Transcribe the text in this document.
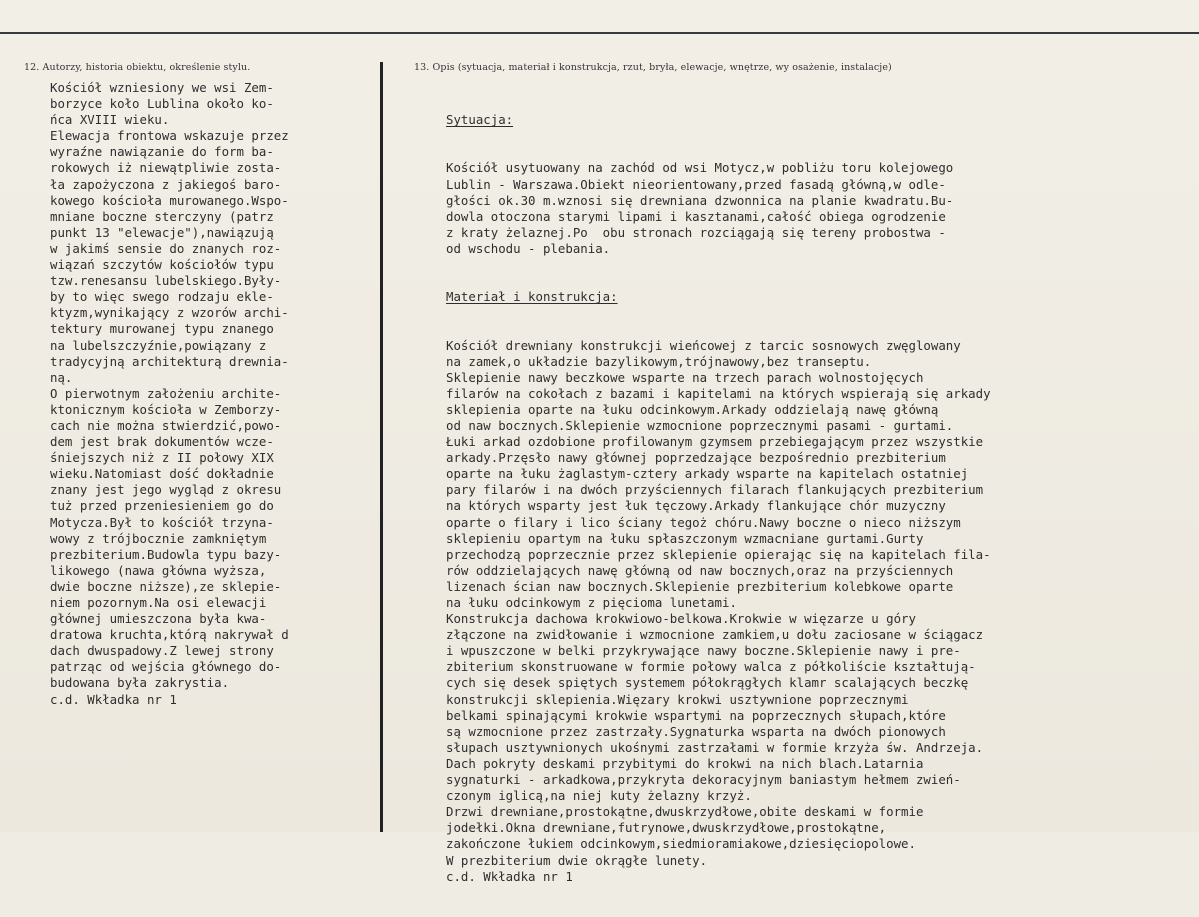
12. Autorzy, historia obiektu, określenie stylu.	13. Opis (sytuacja, materiał i konstrukcja, rzut, bryła, elewacje, wnętrze, wy osażenie, instalacje)
Kościół wzniesiony we wsi Zem-
borzyce koło Lublina około ko-
ńca XVIII wieku.
Elewacja frontowa wskazuje przez
wyraźne nawiązanie do form ba-
rokowych iż niewątpliwie zosta-
ła zapożyczona z jakiegoś baro-
kowego kościoła murowanego.Wspo-
mniane boczne sterczyny (patrz
punkt 13 "elewacje"),nawiązują
w jakimś sensie do znanych roz-
wiązań szczytów kościołów typu
tzw.renesansu lubelskiego.Były-
by to więc swego rodzaju ekle-
ktyzm,wynikający z wzorów archi-
tektury murowanej typu znanego
na lubelszczyźnie,powiązany z
tradycyjną architekturą drewnia-
ną.
O pierwotnym założeniu archite-
ktonicznym kościoła w Zemborzy-
cach nie można stwierdzić,powo-
dem jest brak dokumentów wcze-
śniejszych niż z II połowy XIX
wieku.Natomiast dość dokładnie
znany jest jego wygląd z okresu
tuż przed przeniesieniem go do
Motycza.Był to kościół trzyna-
wowy z trójbocznie zamkniętym
prezbiterium.Budowla typu bazy-
likowego (nawa główna wyższa,
dwie boczne niższe),ze sklepie-
niem pozornym.Na osi elewacji
głównej umieszczona była kwa-
dratowa kruchta,którą nakrywał d
dach dwuspadowy.Z lewej strony
patrząc od wejścia głównego do-
budowana była zakrystia.
c.d. Wkładka nr 1

Sytuacja:

Kościół usytuowany na zachód od wsi Motycz,w pobliżu toru kolejowego
Lublin - Warszawa.Obiekt nieorientowany,przed fasadą główną,w odle-
głości ok.30 m.wznosi się drewniana dzwonnica na planie kwadratu.Bu-
dowla otoczona starymi lipami i kasztanami,całość obiega ogrodzenie
z kraty żelaznej.Po  obu stronach rozciągają się tereny probostwa -
od wschodu - plebania.

Materiał i konstrukcja:

Kościół drewniany konstrukcji wieńcowej z tarcic sosnowych zwęglowany
na zamek,o układzie bazylikowym,trójnawowy,bez transeptu.
Sklepienie nawy beczkowe wsparte na trzech parach wolnostojęcych
filarów na cokołach z bazami i kapitelami na których wspierają się arkady
sklepienia oparte na łuku odcinkowym.Arkady oddzielają nawę główną
od naw bocznych.Sklepienie wzmocnione poprzecznymi pasami - gurtami.
Łuki arkad ozdobione profilowanym gzymsem przebiegającym przez wszystkie
arkady.Przęsło nawy głównej poprzedzające bezpośrednio prezbiterium
oparte na łuku żaglastym-cztery arkady wsparte na kapitelach ostatniej
pary filarów i na dwóch przyściennych filarach flankujących prezbiterium
na których wsparty jest łuk tęczowy.Arkady flankujące chór muzyczny
oparte o filary i lico ściany tegoż chóru.Nawy boczne o nieco niższym
sklepieniu opartym na łuku spłaszczonym wzmacniane gurtami.Gurty
przechodzą poprzecznie przez sklepienie opierając się na kapitelach fila-
rów oddzielających nawę główną od naw bocznych,oraz na przyściennych
lizenach ścian naw bocznych.Sklepienie prezbiterium kolebkowe oparte
na łuku odcinkowym z pięcioma lunetami.
Konstrukcja dachowa krokwiowo-belkowa.Krokwie w więzarze u góry
złączone na zwidłowanie i wzmocnione zamkiem,u dołu zaciosane w ściągacz
i wpuszczone w belki przykrywające nawy boczne.Sklepienie nawy i pre-
zbiterium skonstruowane w formie połowy walca z półkoliście kształtują-
cych się desek spiętych systemem półokrągłych klamr scalających beczkę
konstrukcji sklepienia.Więzary krokwi usztywnione poprzecznymi
belkami spinającymi krokwie wspartymi na poprzecznych słupach,które
są wzmocnione przez zastrzały.Sygnaturka wsparta na dwóch pionowych
słupach usztywnionych ukośnymi zastrzałami w formie krzyża św. Andrzeja.
Dach pokryty deskami przybitymi do krokwi na nich blach.Latarnia
sygnaturki - arkadkowa,przykryta dekoracyjnym baniastym hełmem zwień-
czonym iglicą,na niej kuty żelazny krzyż.
Drzwi drewniane,prostokątne,dwuskrzydłowe,obite deskami w formie
jodełki.Okna drewniane,futrynowe,dwuskrzydłowe,prostokątne,
zakończone łukiem odcinkowym,siedmioramiakowe,dziesięciopolowe.
W prezbiterium dwie okrągłe lunety.
c.d. Wkładka nr 1
